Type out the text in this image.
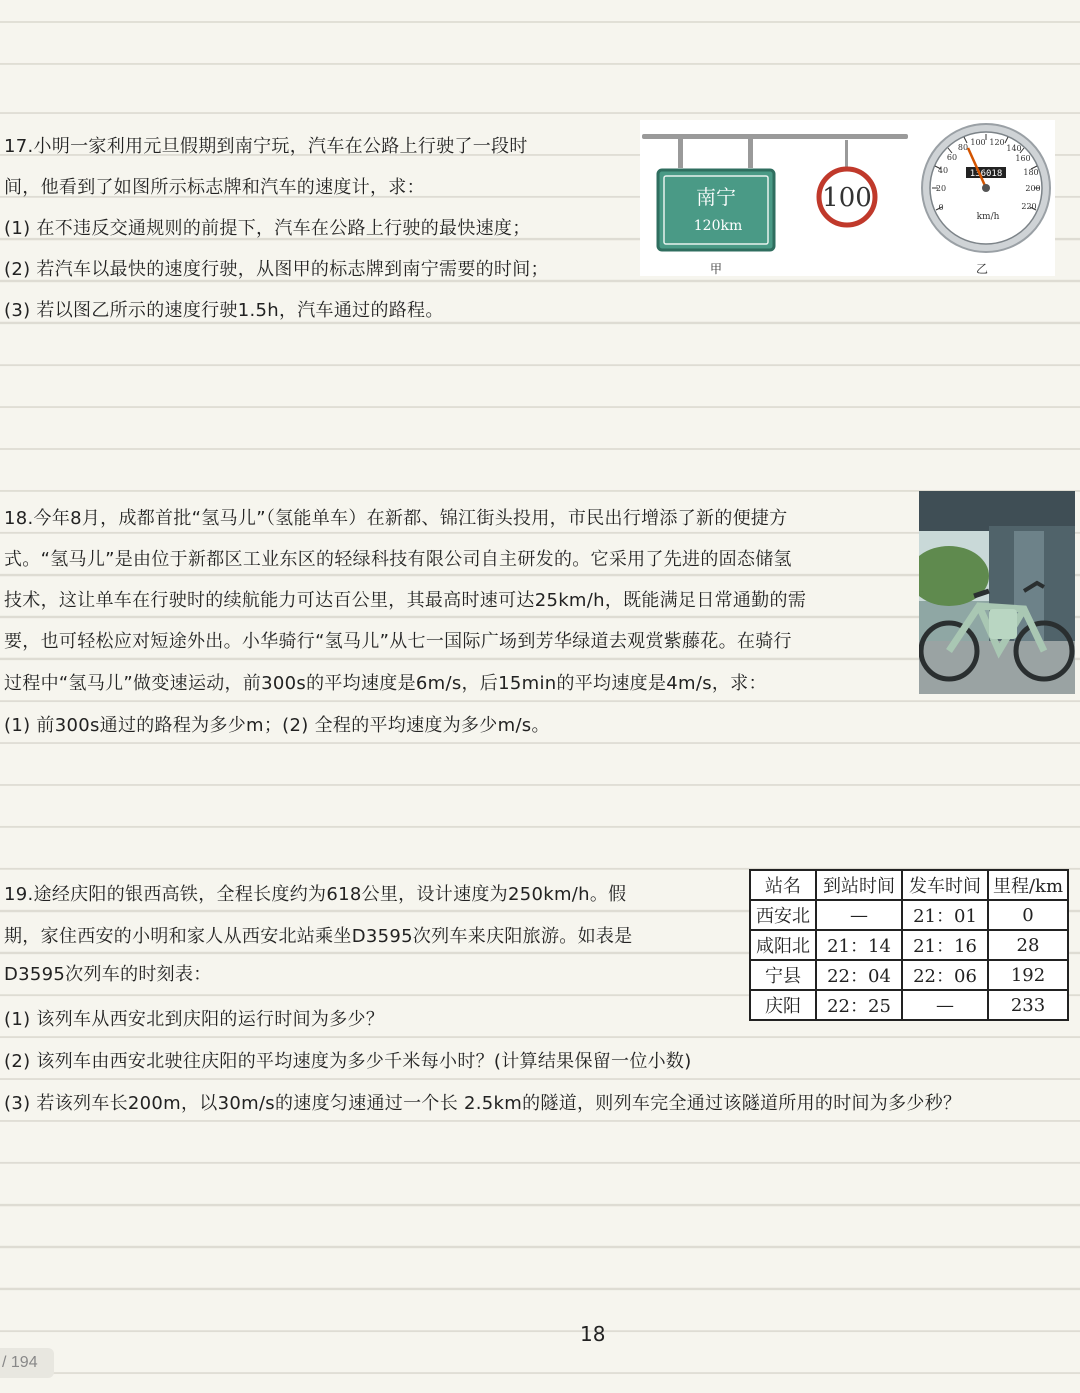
17.小明一家利用元旦假期到南宁玩，汽车在公路上行驶了一段时
间，他看到了如图所示标志牌和汽车的速度计，求：
(1) 在不违反交通规则的前提下，汽车在公路上行驶的最快速度；
(2) 若汽车以最快的速度行驶，从图甲的标志牌到南宁需要的时间；
(3) 若以图乙所示的速度行驶1.5h，汽车通过的路程。
南宁
120km
甲
100	0
20
40
60
80
100 120
140
160
180
200
220
136018
km/h
乙
18.今年8月，成都首批“氢马儿”（氢能单车）在新都、锦江街头投用，市民出行增添了新的便捷方
式。“氢马儿”是由位于新都区工业东区的轻绿科技有限公司自主研发的。它采用了先进的固态储氢
技术，这让单车在行驶时的续航能力可达百公里，其最高时速可达25km/h，既能满足日常通勤的需
要，也可轻松应对短途外出。小华骑行“氢马儿”从七一国际广场到芳华绿道去观赏紫藤花。在骑行
过程中“氢马儿”做变速运动，前300s的平均速度是6m/s，后15min的平均速度是4m/s，求：
(1) 前300s通过的路程为多少m；(2) 全程的平均速度为多少m/s。
19.途经庆阳的银西高铁，全程长度约为618公里，设计速度为250km/h。假
期，家住西安的小明和家人从西安北站乘坐D3595次列车来庆阳旅游。如表是
D3595次列车的时刻表：
(1) 该列车从西安北到庆阳的运行时间为多少？
(2) 该列车由西安北驶往庆阳的平均速度为多少千米每小时？(计算结果保留一位小数)
(3) 若该列车长200m，以30m/s的速度匀速通过一个长 2.5km的隧道，则列车完全通过该隧道所用的时间为多少秒？
站名	到站时间	发车时间	里程/km
西安北	—	21：01	0
咸阳北	21：14	21：16	28
宁县	22：04	22：06	192
庆阳	22：25	—	233
18
/ 194
